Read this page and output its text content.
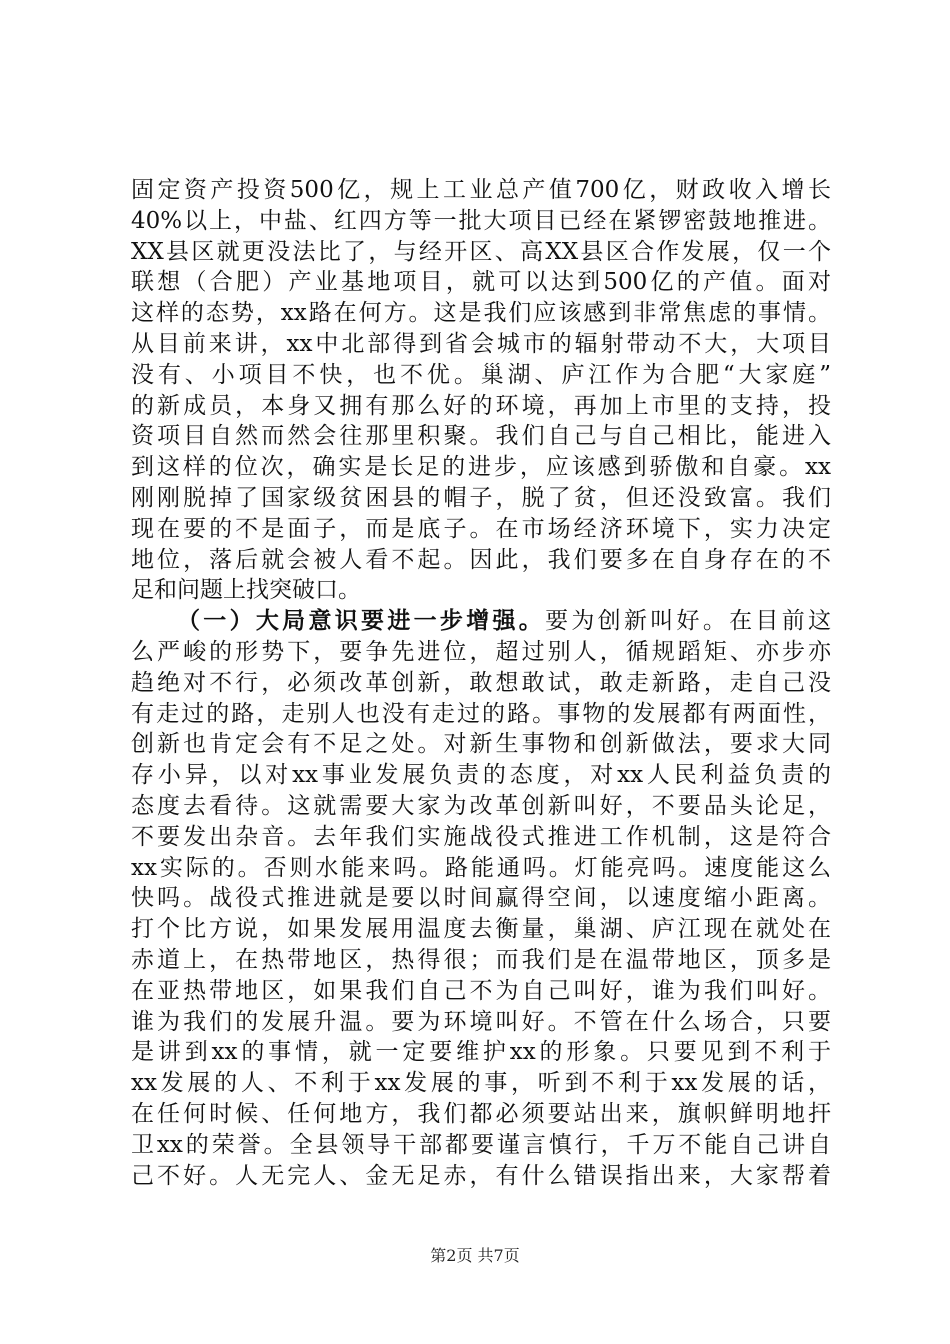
固定资产投资500亿，规上工业总产值700亿，财政收入增长
40%以上，中盐、红四方等一批大项目已经在紧锣密鼓地推进。
XX县区就更没法比了，与经开区、高XX县区合作发展，仅一个
联想（合肥）产业基地项目，就可以达到500亿的产值。面对
这样的态势，xx路在何方。这是我们应该感到非常焦虑的事情。
从目前来讲，xx中北部得到省会城市的辐射带动不大，大项目
没有、小项目不快，也不优。巢湖、庐江作为合肥“大家庭”
的新成员，本身又拥有那么好的环境，再加上市里的支持，投
资项目自然而然会往那里积聚。我们自己与自己相比，能进入
到这样的位次，确实是长足的进步，应该感到骄傲和自豪。xx
刚刚脱掉了国家级贫困县的帽子，脱了贫，但还没致富。我们
现在要的不是面子，而是底子。在市场经济环境下，实力决定
地位，落后就会被人看不起。因此，我们要多在自身存在的不
足和问题上找突破口。
（一）大局意识要进一步增强。要为创新叫好。在目前这
么严峻的形势下，要争先进位，超过别人，循规蹈矩、亦步亦
趋绝对不行，必须改革创新，敢想敢试，敢走新路，走自己没
有走过的路，走别人也没有走过的路。事物的发展都有两面性，
创新也肯定会有不足之处。对新生事物和创新做法，要求大同
存小异，以对xx事业发展负责的态度，对xx人民利益负责的
态度去看待。这就需要大家为改革创新叫好，不要品头论足，
不要发出杂音。去年我们实施战役式推进工作机制，这是符合
xx实际的。否则水能来吗。路能通吗。灯能亮吗。速度能这么
快吗。战役式推进就是要以时间赢得空间，以速度缩小距离。
打个比方说，如果发展用温度去衡量，巢湖、庐江现在就处在
赤道上，在热带地区，热得很；而我们是在温带地区，顶多是
在亚热带地区，如果我们自己不为自己叫好，谁为我们叫好。
谁为我们的发展升温。要为环境叫好。不管在什么场合，只要
是讲到xx的事情，就一定要维护xx的形象。只要见到不利于
xx发展的人、不利于xx发展的事，听到不利于xx发展的话，
在任何时候、任何地方，我们都必须要站出来，旗帜鲜明地扞
卫xx的荣誉。全县领导干部都要谨言慎行，千万不能自己讲自
己不好。人无完人、金无足赤，有什么错误指出来，大家帮着
第2页 共7页
